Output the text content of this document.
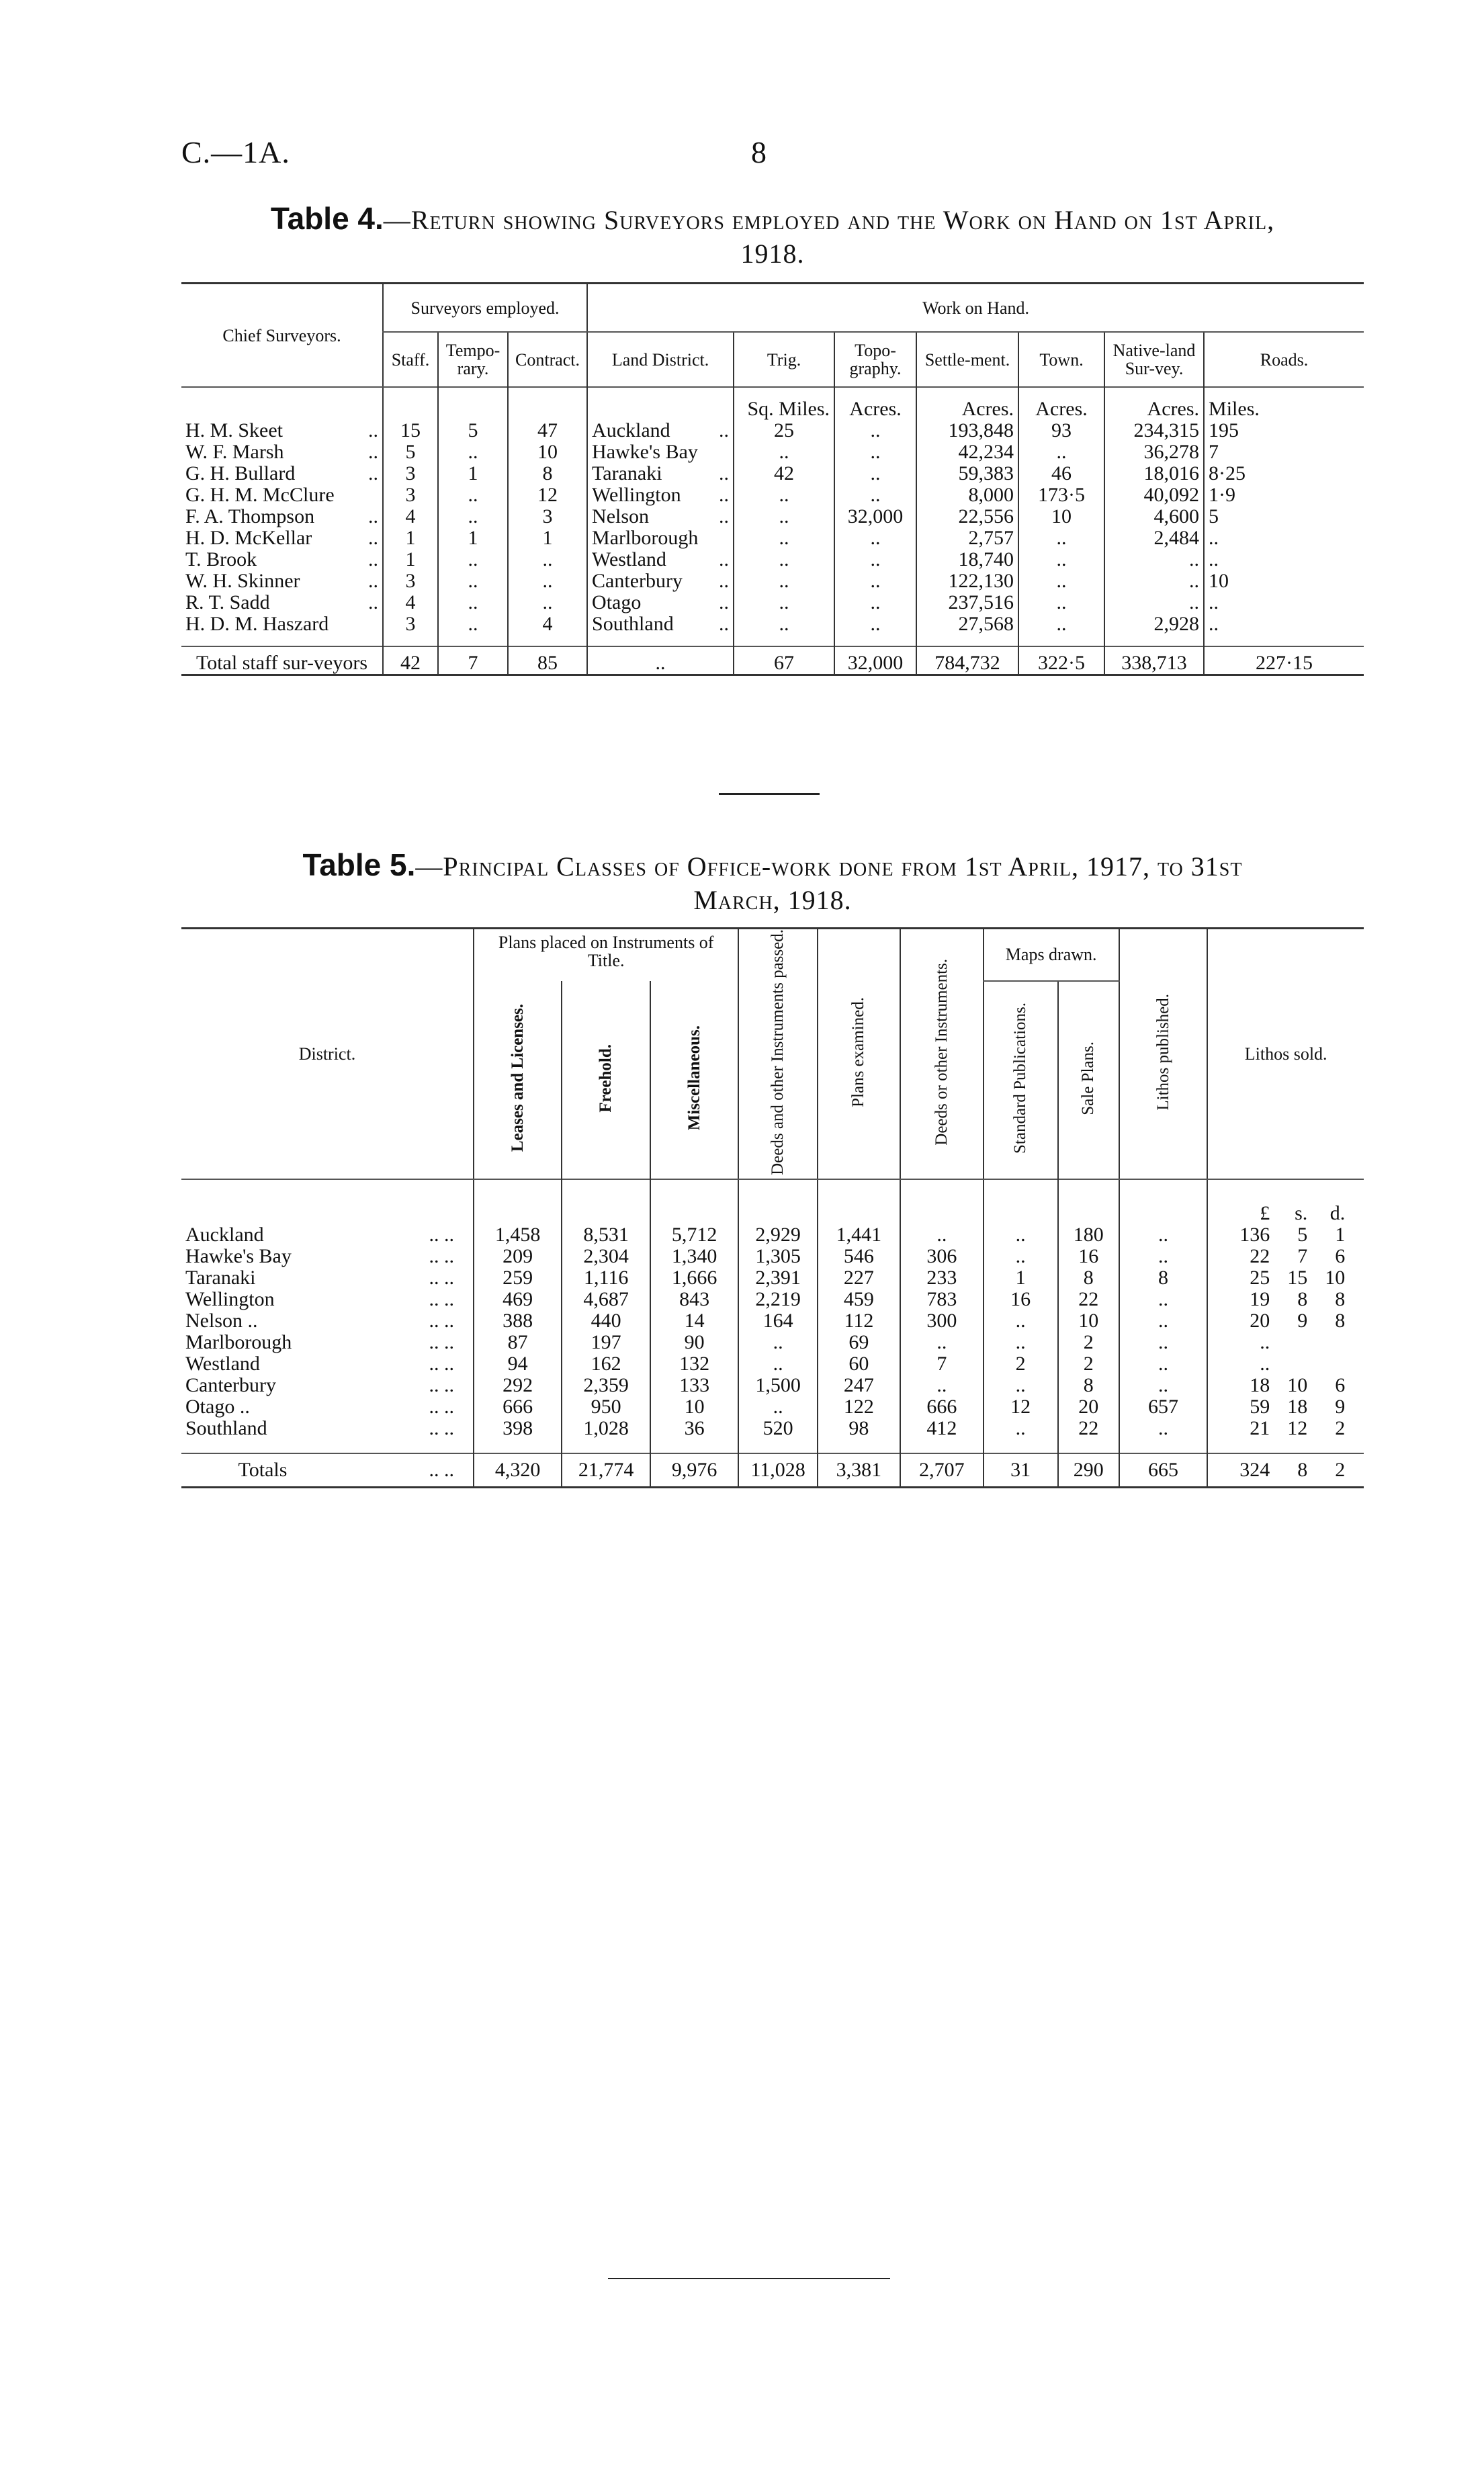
C.—1A.	8
Table 4.—Return showing Surveyors employed and the Work on Hand on 1st April,
1918.
Chief Surveyors.	Surveyors employed.			Work on Hand.						
	Staff.	Tempo-rary.	Contract.	Land District.	Trig.	Topo-graphy.	Settle-ment.	Town.	Native-land Sur-vey.	Roads.
					Sq. Miles.	Acres.	Acres.	Acres.	Acres.	Miles.
H. M. Skeet ..	15	5	47	Auckland ..	25	..	193,848	93	234,315	195
W. F. Marsh ..	5	..	10	Hawke's Bay	..	..	42,234	..	36,278	7
G. H. Bullard ..	3	1	8	Taranaki ..	42	..	59,383	46	18,016	8·25
G. H. M. McClure	3	..	12	Wellington ..	..	..	8,000	173·5	40,092	1·9
F. A. Thompson ..	4	..	3	Nelson ..	..	32,000	22,556	10	4,600	5
H. D. McKellar ..	1	1	1	Marlborough	..	..	2,757	..	2,484	..
T. Brook ..	1	..	..	Westland ..	..	..	18,740	..	..	..
W. H. Skinner ..	3	..	..	Canterbury ..	..	..	122,130	..	..	10
R. T. Sadd ..	4	..	..	Otago ..	..	..	237,516	..	..	..
H. D. M. Haszard	3	..	4	Southland ..	..	..	27,568	..	2,928	..
Total staff sur-veyors	42	7	85	..	67	32,000	784,732	322·5	338,713	227·15
Table 5.—Principal Classes of Office-work done from 1st April, 1917, to 31st
March, 1918.
District.	Plans placed on Instruments of Title.			Deeds and other Instruments passed.	Plans examined.	Deeds or other Instruments.	Maps drawn.		Lithos published.	Lithos sold.
	Leases and Licenses.	Freehold.	Miscellaneous.				Standard Publications.	Sale Plans.		
										£ s. d.
Auckland .. ..	1,458	8,531	5,712	2,929	1,441	..	..	180	..	136 5 1
Hawke's Bay .. ..	209	2,304	1,340	1,305	546	306	..	16	..	22 7 6
Taranaki .. ..	259	1,116	1,666	2,391	227	233	1	8	8	25 15 10
Wellington .. ..	469	4,687	843	2,219	459	783	16	22	..	19 8 8
Nelson .. .. ..	388	440	14	164	112	300	..	10	..	20 9 8
Marlborough .. ..	87	197	90	..	69	..	..	2	..	..
Westland .. ..	94	162	132	..	60	7	2	2	..	..
Canterbury .. ..	292	2,359	133	1,500	247	..	..	8	..	18 10 6
Otago .. .. ..	666	950	10	..	122	666	12	20	657	59 18 9
Southland .. ..	398	1,028	36	520	98	412	..	22	..	21 12 2
Totals .. ..	4,320	21,774	9,976	11,028	3,381	2,707	31	290	665	324 8 2
